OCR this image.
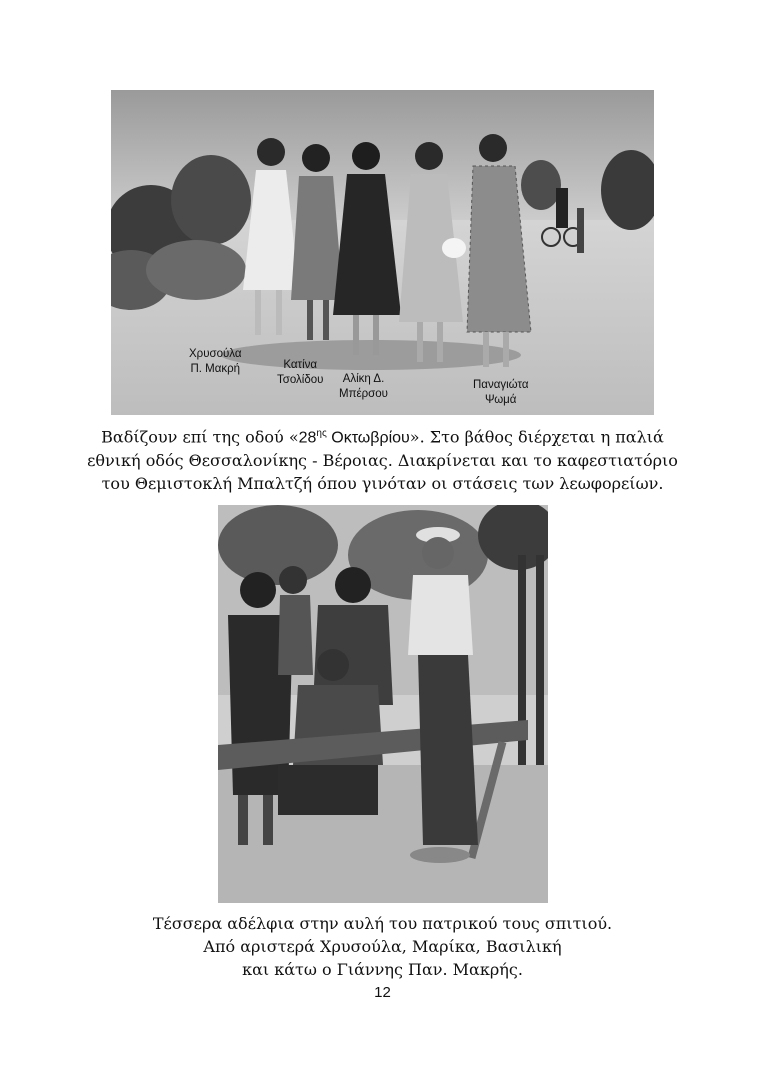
Χρυσούλα
Π. Μακρή	Κατίνα
Τσολίδου	Αλίκη Δ.
Μπέρσου
Παναγιώτα
Ψωμά
Βαδίζουν επί της οδού «$28^{\eta\varsigma}$ Οκτωβρίου». Στο βάθος διέρχεται η παλιά
εθνική οδός Θεσσαλονίκης - Βέροιας. Διακρίνεται και το καφεστιατόριο
του Θεμιστοκλή Μπαλτζή όπου γινόταν οι στάσεις των λεωφορείων.
Τέσσερα αδέλφια στην αυλή του πατρικού τους σπιτιού.
Από αριστερά Χρυσούλα, Μαρίκα, Βασιλική
και κάτω ο Γιάννης Παν. Μακρής.
12
